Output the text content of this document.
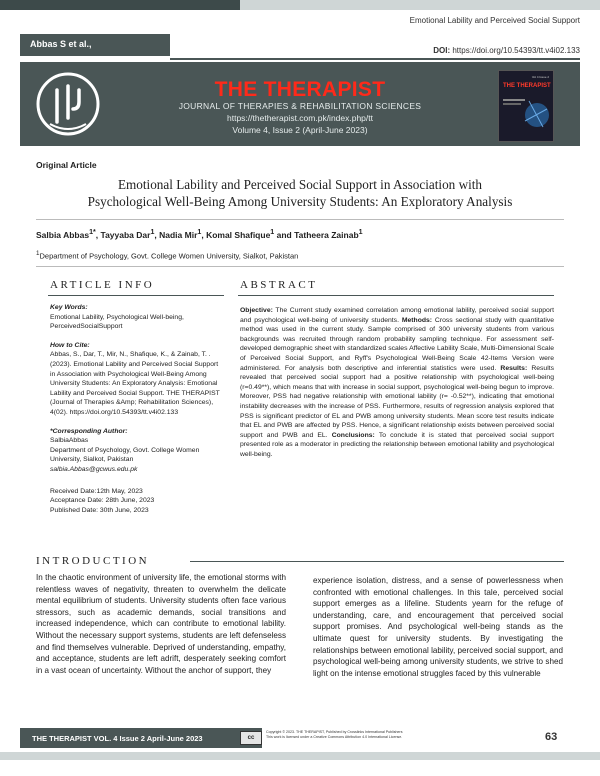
Emotional Lability and Perceived Social Support
Abbas S et al.,
DOI: https://doi.org/10.54393/tt.v4i02.133
THE THERAPIST
JOURNAL OF THERAPIES & REHABILITATION SCIENCES
https://thetherapist.com.pk/index.php/tt
Volume 4, Issue 2 (April-June 2023)
Vol 4 Issue 2
THE THERAPIST
Original Article
Emotional Lability and Perceived Social Support in Association with
Psychological Well-Being Among University Students: An Exploratory Analysis
Salbia Abbas$^{1*}$, Tayyaba Dar$^1$, Nadia Mir$^1$, Komal Shafique$^1$ and Tatheera Zainab$^1$
$^1$Department of Psychology, Govt. College Women University, Sialkot, Pakistan
ARTICLE INFO	ABSTRACT

Key Words:

Emotional Lability, Psychological Well-being, PerceivedSocialSupport

How to Cite:

Abbas, S., Dar, T., Mir, N., Shafique, K., & Zainab, T. . (2023). Emotional Lability and Perceived Social Support in Association with Psychological Well-Being Among University Students: An Exploratory Analysis: Emotional Lability and Perceived Social Support. THE THERAPIST (Journal of Therapies &Amp; Rehabilitation Sciences), 4(02). https://doi.org/10.54393/tt.v4i02.133

*Corresponding Author:

SalbiaAbbas

Department of Psychology, Govt. College Women University, Sialkot, Pakistan

salbia.Abbas@gcwus.edu.pk

Received Date:12th May, 2023

Acceptance Date: 28th June, 2023

Published Date: 30th June, 2023

Objective: The Current study examined correlation among emotional lability, perceived social support and psychological well-being of university students. Methods: Cross sectional study with quantitative method was used in the current study. Sample comprised of 300 university students from various backgrounds was recruited through random probability sampling technique. For assessment self-developed demographic sheet with standardized scales Affective Lability Scale, Multi-Dimensional Scale of Perceived Social Support, and Ryff's Psychological Well-Being Scale 42-Items Version were administered. For analysis both descriptive and inferential statistics were used. Results: Results revealed that perceived social support had a positive relationship with psychological well-being (r=0.49**), which means that with increase in social support, psychological well-being begun to improve. Moreover, PSS had negative relationship with emotional lability (r= -0.52**), indicating that emotional instability decreases with the increase of PSS. Furthermore, results of regression analysis explored that PSS is significant predictor of EL and PWB among university students. Mean score test results indicate that EL and PWB are affected by PSS. Hence, a significant relationship exists between perceived social support and PWB and EL. Conclusions: To conclude it is stated that perceived social support presented role as a moderator in predicting the relationship between emotional lability and psychological well-being.
INTRODUCTION
In the chaotic environment of university life, the emotional storms with relentless waves of negativity, threaten to overwhelm the delicate mental equilibrium of students. University students often face various stressors, such as academic demands, social transitions and increased independence, which can contribute to emotional lability. Without the necessary support systems, students are left defenseless and find themselves vulnerable. Deprived of understanding, empathy, and acceptance, students are left adrift, desperately seeking comfort in a vast ocean of uncertainty. Without the anchor of support, they
experience isolation, distress, and a sense of powerlessness when confronted with emotional challenges. In this tale, perceived social support emerges as a lifeline. Students yearn for the refuge of understanding, care, and encouragement that perceived social support promises. And psychological well-being stands as the ultimate quest for university students. By investigating the relationships between emotional lability, perceived social support, and psychological well-being among university students, we strive to shed light on the intense emotional struggles faced by this vulnerable
THE THERAPIST VOL. 4 Issue 2 April-June 2023	cc
Copyright © 2023. THE THERAPIST, Published by Crosslinks International Publishers
This work is licensed under a Creative Commons Attribution 4.0 International License.	63
